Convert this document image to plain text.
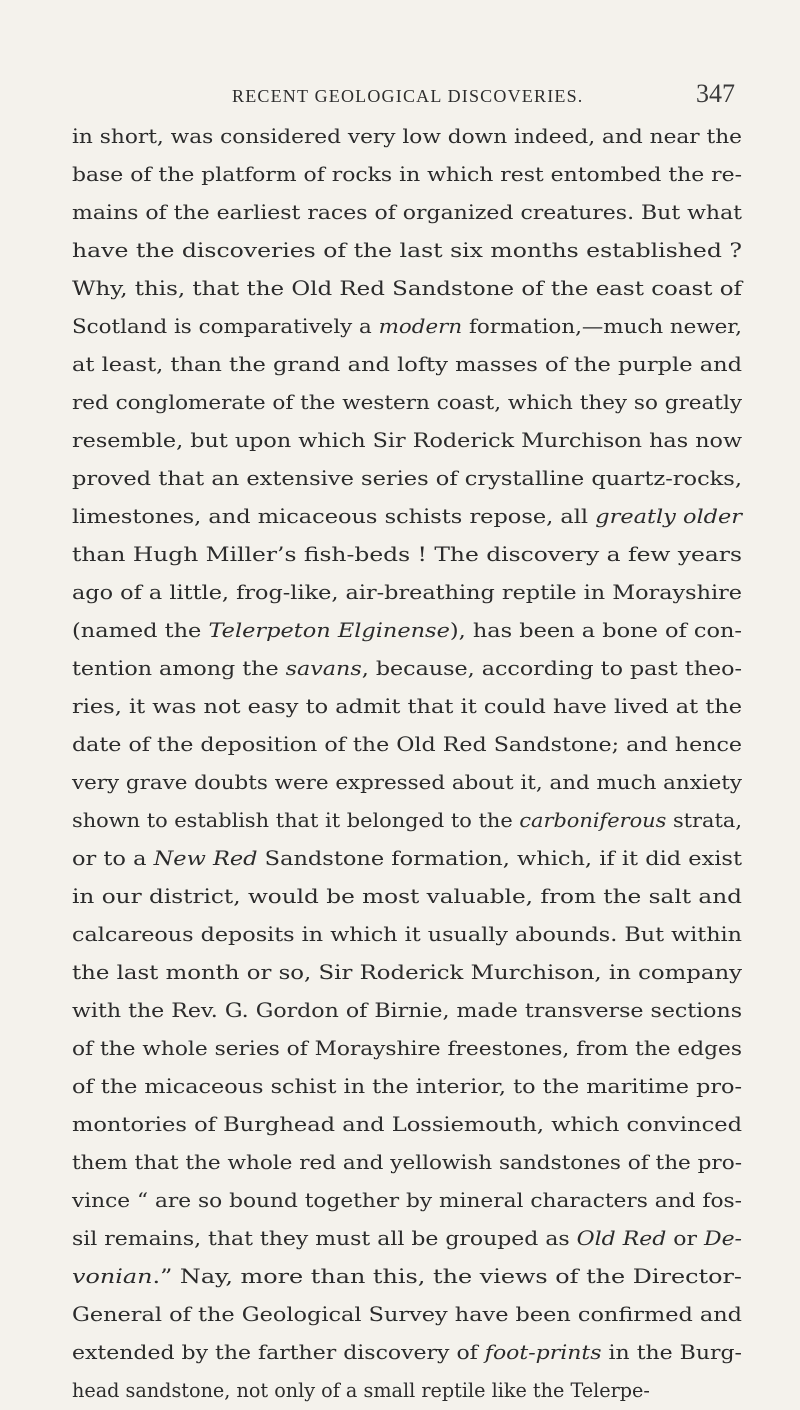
RECENT GEOLOGICAL DISCOVERIES.	347
in short, was considered very low down indeed, and near the
base of the platform of rocks in which rest entombed the re-
mains of the earliest races of organized creatures. But what
have the discoveries of the last six months established ?
Why, this, that the Old Red Sandstone of the east coast of
Scotland is comparatively a modern formation,—much newer,
at least, than the grand and lofty masses of the purple and
red conglomerate of the western coast, which they so greatly
resemble, but upon which Sir Roderick Murchison has now
proved that an extensive series of crystalline quartz-rocks,
limestones, and micaceous schists repose, all greatly older
than Hugh Miller’s fish-beds ! The discovery a few years
ago of a little, frog-like, air-breathing reptile in Morayshire
(named the Telerpeton Elginense), has been a bone of con-
tention among the savans, because, according to past theo-
ries, it was not easy to admit that it could have lived at the
date of the deposition of the Old Red Sandstone; and hence
very grave doubts were expressed about it, and much anxiety
shown to establish that it belonged to the carboniferous strata,
or to a New Red Sandstone formation, which, if it did exist
in our district, would be most valuable, from the salt and
calcareous deposits in which it usually abounds. But within
the last month or so, Sir Roderick Murchison, in company
with the Rev. G. Gordon of Birnie, made transverse sections
of the whole series of Morayshire freestones, from the edges
of the micaceous schist in the interior, to the maritime pro-
montories of Burghead and Lossiemouth, which convinced
them that the whole red and yellowish sandstones of the pro-
vince “ are so bound together by mineral characters and fos-
sil remains, that they must all be grouped as Old Red or De-
vonian.” Nay, more than this, the views of the Director-
General of the Geological Survey have been confirmed and
extended by the farther discovery of foot-prints in the Burg-
head sandstone, not only of a small reptile like the Telerpe-
